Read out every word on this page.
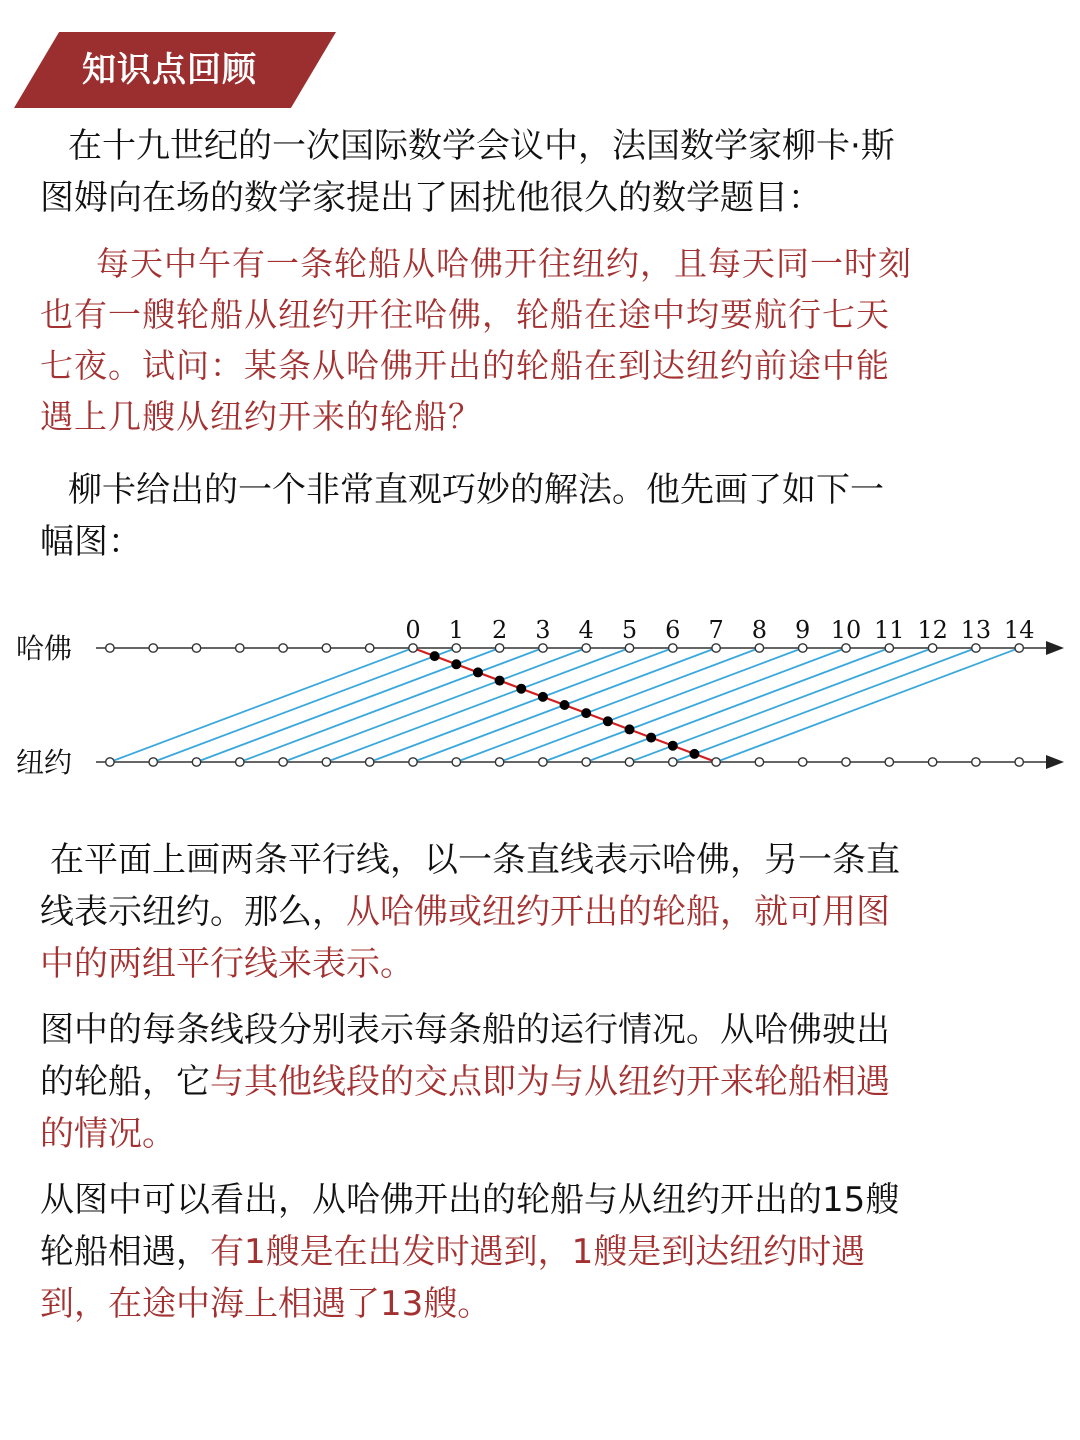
知识点回顾

在十九世纪的一次国际数学会议中，法国数学家柳卡·斯
图姆向在场的数学家提出了困扰他很久的数学题目：

每天中午有一条轮船从哈佛开往纽约，且每天同一时刻
也有一艘轮船从纽约开往哈佛，轮船在途中均要航行七天
七夜。试问：某条从哈佛开出的轮船在到达纽约前途中能
遇上几艘从纽约开来的轮船？

柳卡给出的一个非常直观巧妙的解法。他先画了如下一
幅图：

哈佛
纽约
0 1 2 3 4 5 6 7 8 9 10 11 12 13 14

在平面上画两条平行线，以一条直线表示哈佛，另一条直
线表示纽约。那么，从哈佛或纽约开出的轮船，就可用图
中的两组平行线来表示。

图中的每条线段分别表示每条船的运行情况。从哈佛驶出
的轮船，它与其他线段的交点即为与从纽约开来轮船相遇
的情况。

从图中可以看出，从哈佛开出的轮船与从纽约开出的15艘
轮船相遇，有1艘是在出发时遇到，1艘是到达纽约时遇
到，在途中海上相遇了13艘。
